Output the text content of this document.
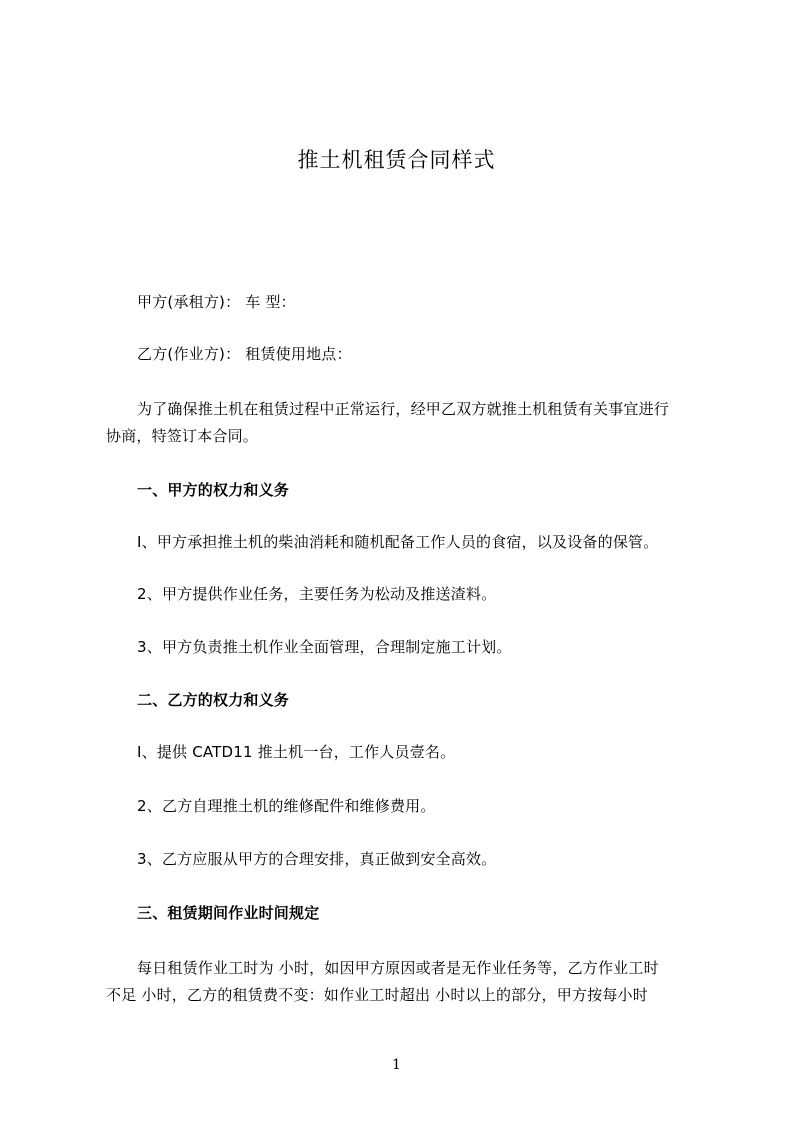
推土机租赁合同样式
甲方(承租方)： 车 型：
乙方(作业方)： 租赁使用地点：
为了确保推土机在租赁过程中正常运行，经甲乙双方就推土机租赁有关事宜进行
协商，特签订本合同。
一、甲方的权力和义务
I、甲方承担推土机的柴油消耗和随机配备工作人员的食宿，以及设备的保管。
2、甲方提供作业任务，主要任务为松动及推送渣料。
3、甲方负责推土机作业全面管理，合理制定施工计划。
二、乙方的权力和义务
I、提供 CATD11 推土机一台，工作人员壹名。
2、乙方自理推土机的维修配件和维修费用。
3、乙方应服从甲方的合理安排，真正做到安全高效。
三、租赁期间作业时间规定
每日租赁作业工时为 小时，如因甲方原因或者是无作业任务等，乙方作业工时
不足 小时，乙方的租赁费不变：如作业工时超出 小时以上的部分，甲方按每小时
1
